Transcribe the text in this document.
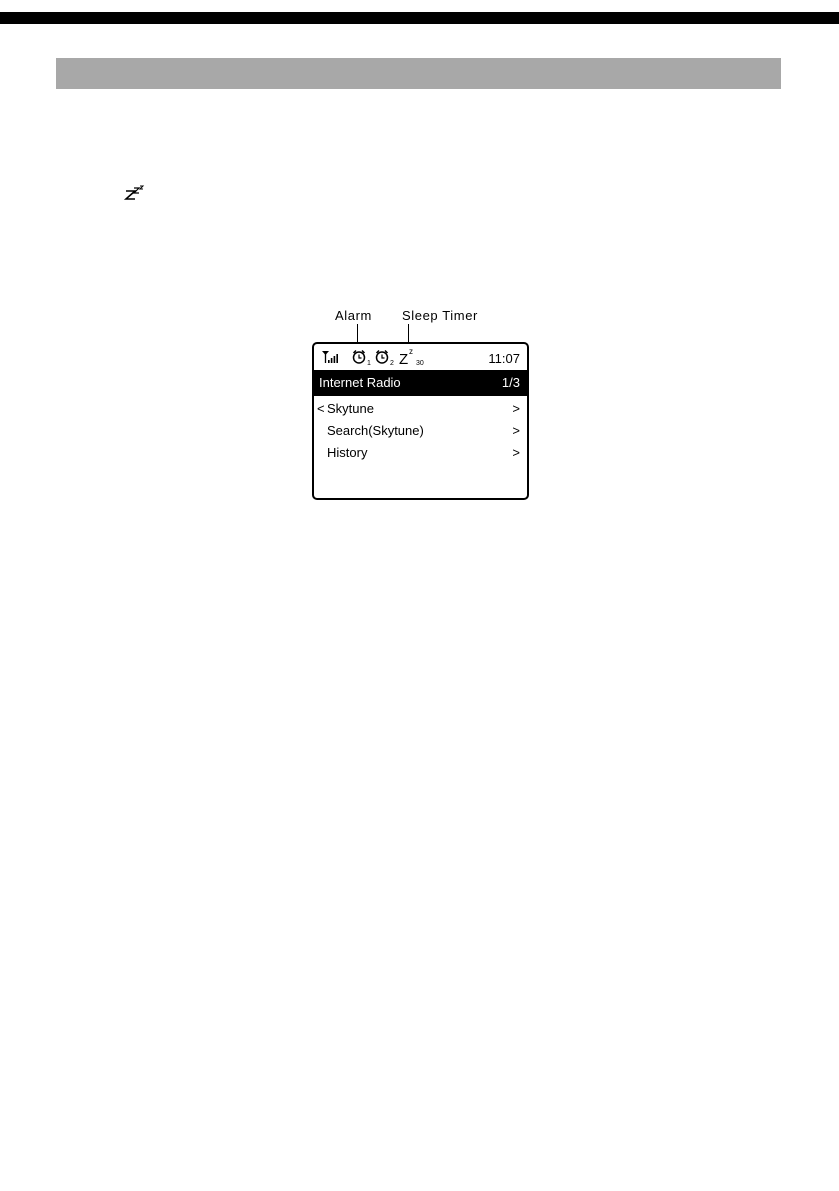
Alarm Sleep Timer
1	2 Z z
30	11:07
Internet Radio	1/3
< Skytune	>
Search(Skytune)	>
History	>
